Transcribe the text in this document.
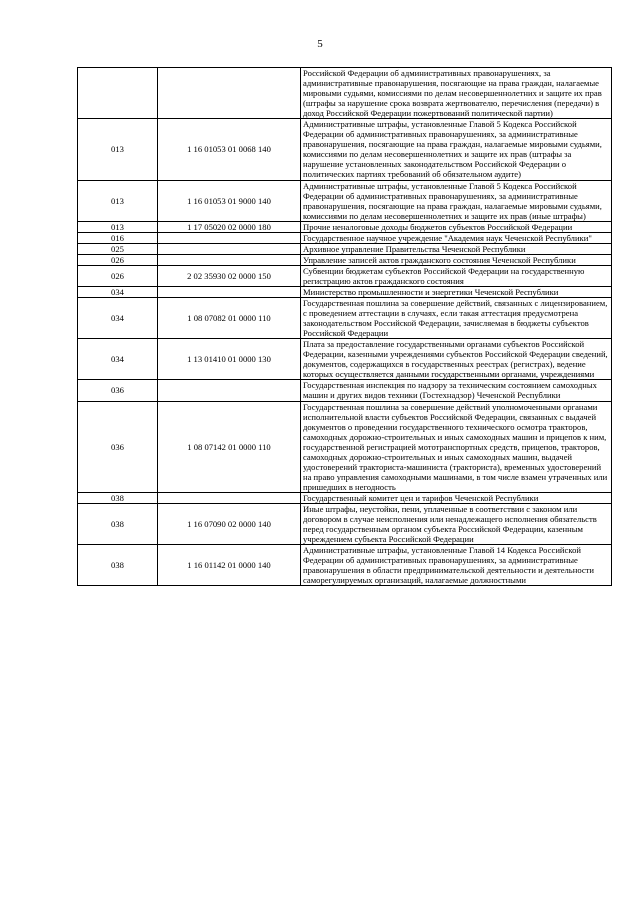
5
		Российской Федерации об административных правонарушениях, за административные правонарушения, посягающие на права граждан, налагаемые мировыми судьями, комиссиями по делам несовершеннолетних и защите их прав (штрафы за нарушение срока возврата жертвователю, перечисления (передачи) в доход Российской Федерации пожертвований политической партии)
013	1 16 01053 01 0068 140	Административные штрафы, установленные Главой 5 Кодекса Российской Федерации об административных правонарушениях, за административные правонарушения, посягающие на права граждан, налагаемые мировыми судьями, комиссиями по делам несовершеннолетних и защите их прав (штрафы за нарушение установленных законодательством Российской Федерации о политических партиях требований об обязательном аудите)
013	1 16 01053 01 9000 140	Административные штрафы, установленные Главой 5 Кодекса Российской Федерации об административных правонарушениях, за административные правонарушения, посягающие на права граждан, налагаемые мировыми судьями, комиссиями по делам несовершеннолетних и защите их прав (иные штрафы)
013	1 17 05020 02 0000 180	Прочие неналоговые доходы бюджетов субъектов Российской Федерации
016		Государственное научное учреждение "Академия наук Чеченской Республики"
025		Архивное управление Правительства Чеченской Республики
026		Управление записей актов гражданского состояния Чеченской Республики
026	2 02 35930 02 0000 150	Субвенции бюджетам субъектов Российской Федерации на государственную регистрацию актов гражданского состояния
034		Министерство промышленности и энергетики Чеченской Республики
034	1 08 07082 01 0000 110	Государственная пошлина за совершение действий, связанных с лицензированием, с проведением аттестации в случаях, если такая аттестация предусмотрена законодательством Российской Федерации, зачисляемая в бюджеты субъектов Российской Федерации
034	1 13 01410 01 0000 130	Плата за предоставление государственными органами субъектов Российской Федерации, казенными учреждениями субъектов Российской Федерации сведений, документов, содержащихся в государственных реестрах (регистрах), ведение которых осуществляется данными государственными органами, учреждениями
036		Государственная инспекция по надзору за техническим состоянием самоходных машин и других видов техники (Гостехнадзор) Чеченской Республики
036	1 08 07142 01 0000 110	Государственная пошлина за совершение действий уполномоченными органами исполнительной власти субъектов Российской Федерации, связанных с выдачей документов о проведении государственного технического осмотра тракторов, самоходных дорожно-строительных и иных самоходных машин и прицепов к ним, государственной регистрацией мототранспортных средств, прицепов, тракторов, самоходных дорожно-строительных и иных самоходных машин, выдачей удостоверений тракториста-машиниста (тракториста), временных удостоверений на право управления самоходными машинами, в том числе взамен утраченных или пришедших в негодность
038		Государственный комитет цен и тарифов Чеченской Республики
038	1 16 07090 02 0000 140	Иные штрафы, неустойки, пени, уплаченные в соответствии с законом или договором в случае неисполнения или ненадлежащего исполнения обязательств перед государственным органом субъекта Российской Федерации, казенным учреждением субъекта Российской Федерации
038	1 16 01142 01 0000 140	Административные штрафы, установленные Главой 14 Кодекса Российской Федерации об административных правонарушениях, за административные правонарушения в области предпринимательской деятельности и деятельности саморегулируемых организаций, налагаемые должностными
